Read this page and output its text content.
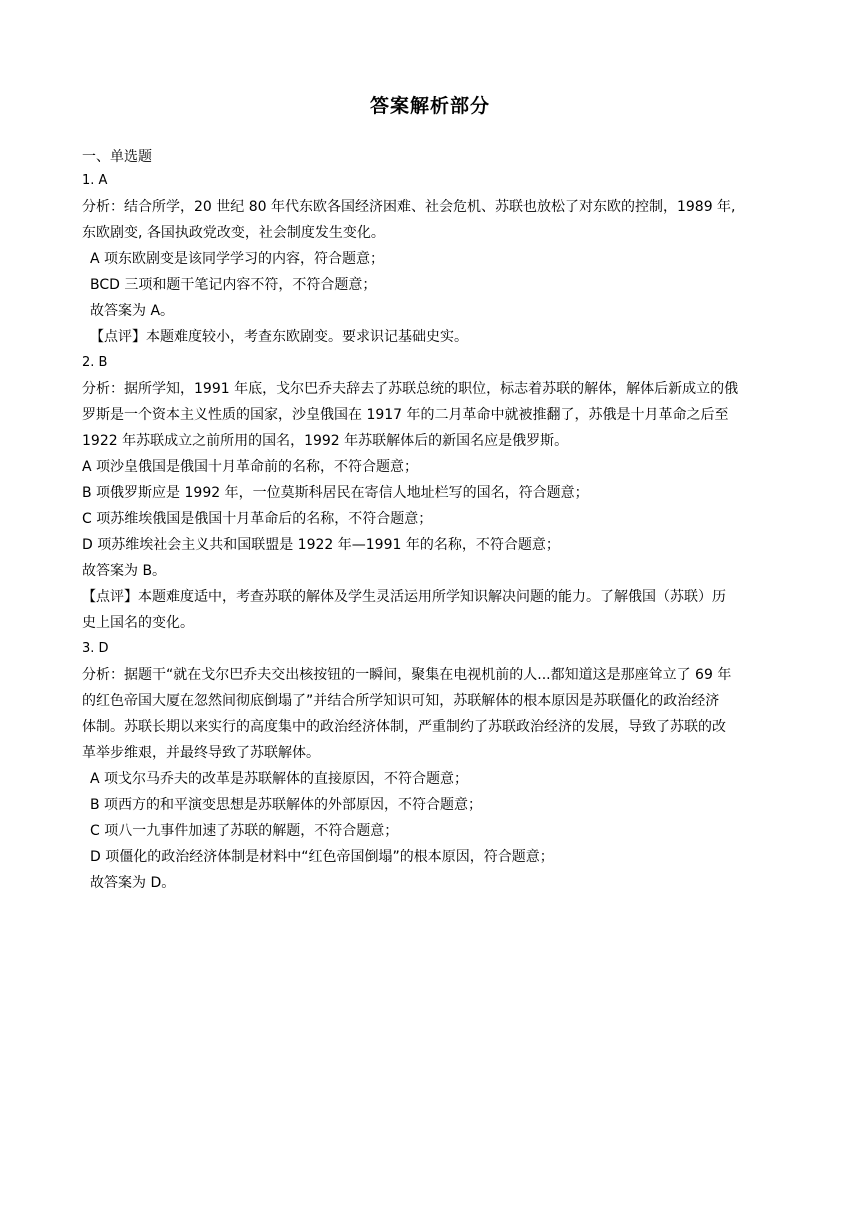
答案解析部分
一、单选题

1. A

分析：结合所学，20 世纪 80 年代东欧各国经济困难、社会危机、苏联也放松了对东欧的控制，1989 年,

东欧剧变, 各国执政党改变，社会制度发生变化。

A 项东欧剧变是该同学学习的内容，符合题意；

BCD 三项和题干笔记内容不符，不符合题意；

故答案为 A。

【点评】本题难度较小，考查东欧剧变。要求识记基础史实。

2. B

分析：据所学知，1991 年底，戈尔巴乔夫辞去了苏联总统的职位，标志着苏联的解体，解体后新成立的俄

罗斯是一个资本主义性质的国家，沙皇俄国在 1917 年的二月革命中就被推翻了，苏俄是十月革命之后至

1922 年苏联成立之前所用的国名，1992 年苏联解体后的新国名应是俄罗斯。

A 项沙皇俄国是俄国十月革命前的名称，不符合题意；

B 项俄罗斯应是 1992 年，一位莫斯科居民在寄信人地址栏写的国名，符合题意；

C 项苏维埃俄国是俄国十月革命后的名称，不符合题意；

D 项苏维埃社会主义共和国联盟是 1922 年—1991 年的名称，不符合题意；

故答案为 B。

【点评】本题难度适中，考查苏联的解体及学生灵活运用所学知识解决问题的能力。了解俄国（苏联）历

史上国名的变化。

3. D

分析：据题干“就在戈尔巴乔夫交出核按钮的一瞬间，聚集在电视机前的人...都知道这是那座耸立了 69 年

的红色帝国大厦在忽然间彻底倒塌了”并结合所学知识可知，苏联解体的根本原因是苏联僵化的政治经济

体制。苏联长期以来实行的高度集中的政治经济体制，严重制约了苏联政治经济的发展，导致了苏联的改

革举步维艰，并最终导致了苏联解体。

A 项戈尔马乔夫的改革是苏联解体的直接原因，不符合题意；

B 项西方的和平演变思想是苏联解体的外部原因，不符合题意；

C 项八一九事件加速了苏联的解题，不符合题意；

D 项僵化的政治经济体制是材料中“红色帝国倒塌”的根本原因，符合题意；

故答案为 D。
